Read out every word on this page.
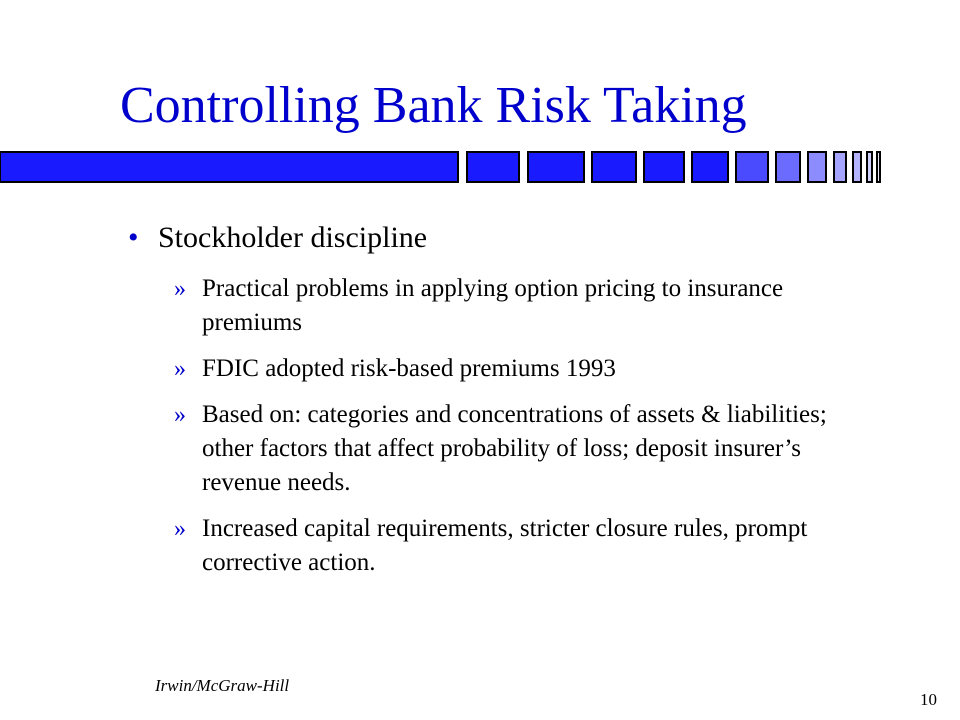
Controlling Bank Risk Taking
• Stockholder discipline
» Practical problems in applying option pricing to insurance premiums
» FDIC adopted risk-based premiums 1993
» Based on: categories and concentrations of assets & liabilities; other factors that affect probability of loss; deposit insurer’s revenue needs.
» Increased capital requirements, stricter closure rules, prompt corrective action.
Irwin/McGraw-Hill
10
